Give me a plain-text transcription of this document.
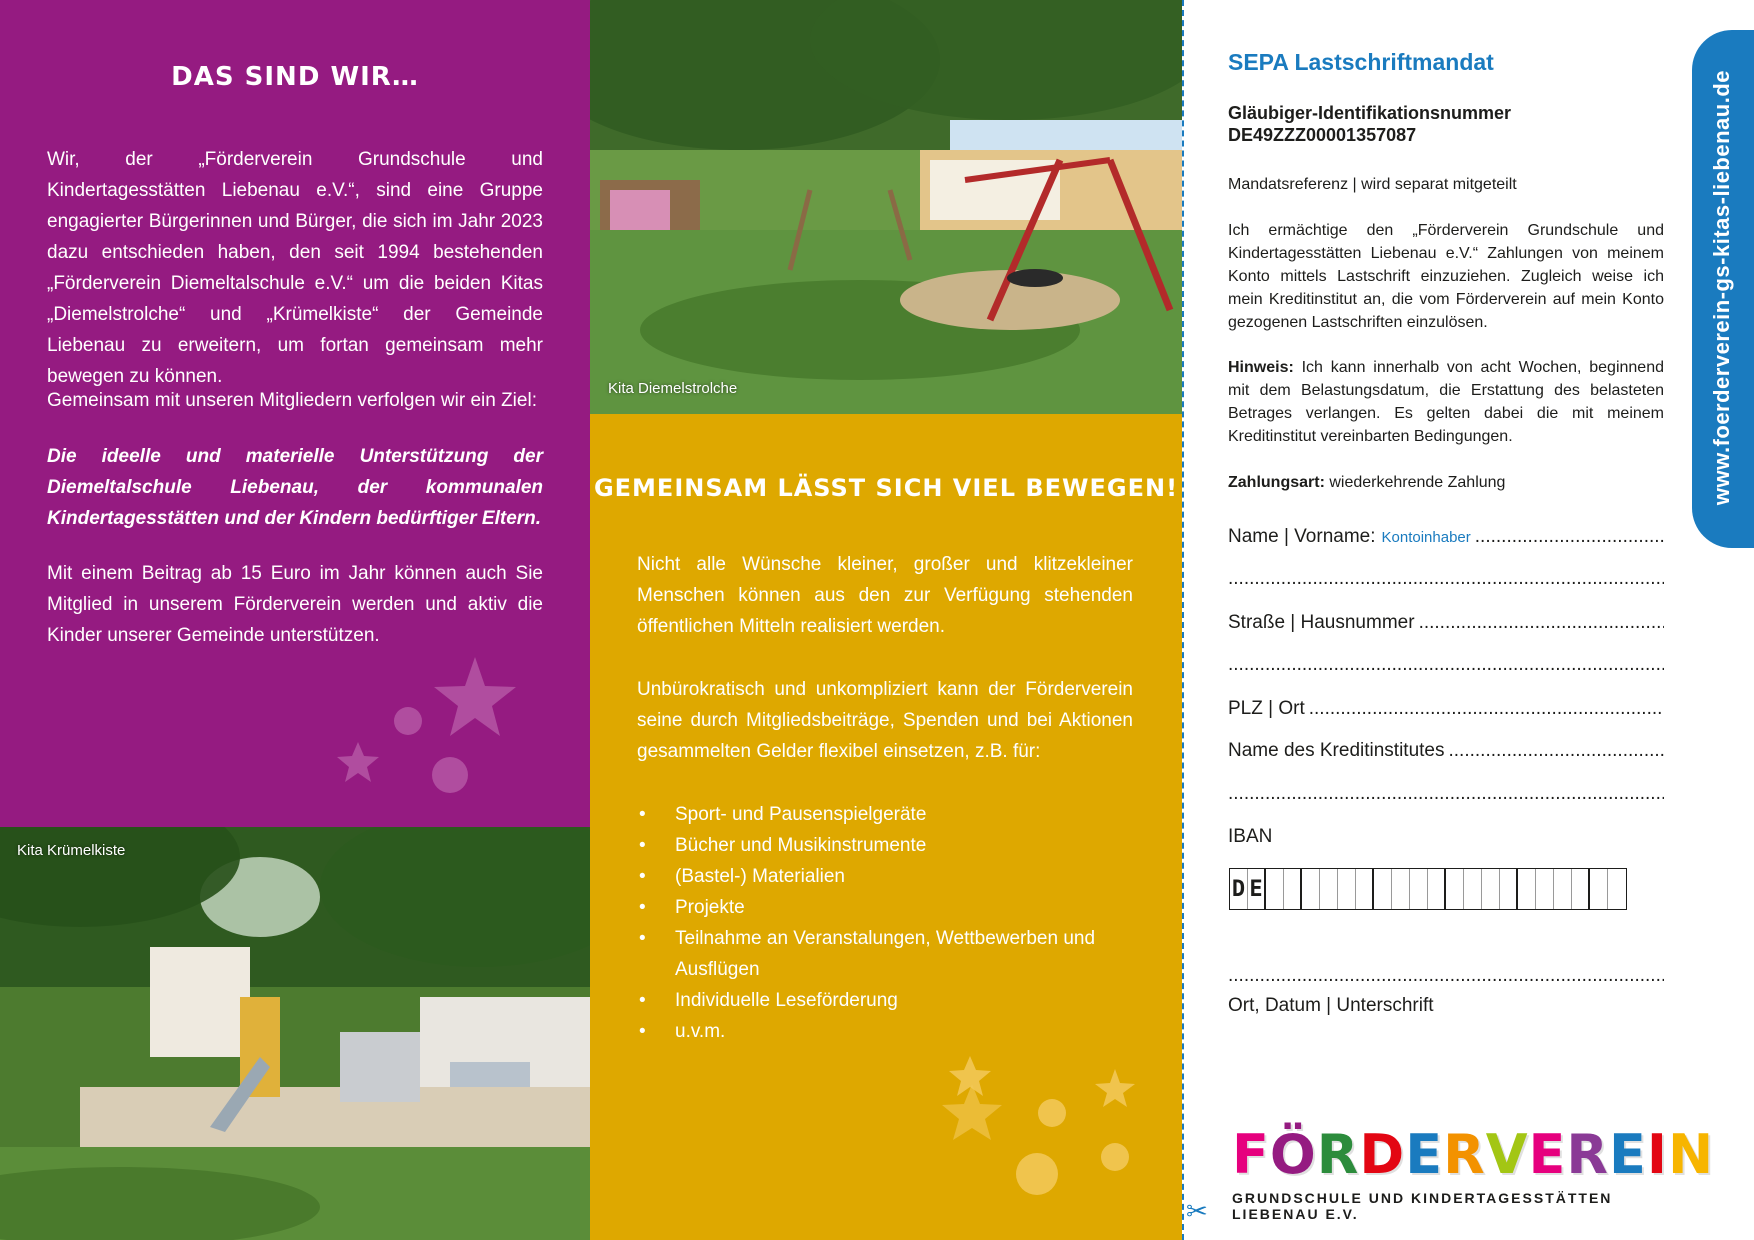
DAS SIND WIR…
Wir, der „Förderverein Grundschule und Kindertagesstätten Liebenau e.V.“, sind eine Gruppe engagierter Bürgerinnen und Bürger, die sich im Jahr 2023 dazu entschieden haben, den seit 1994 bestehenden „Förderverein Diemeltalschule e.V.“ um die beiden Kitas „Diemelstrolche“ und „Krümelkiste“ der Gemeinde Liebenau zu erweitern, um fortan gemeinsam mehr bewegen zu können.
Gemeinsam mit unseren Mitgliedern verfolgen wir ein Ziel:
Die ideelle und materielle Unterstützung der Diemeltalschule Liebenau, der kommunalen Kindertagesstätten und der Kindern bedürftiger Eltern.
Mit einem Beitrag ab 15 Euro im Jahr können auch Sie Mitglied in unserem Förderverein werden und aktiv die Kinder unserer Gemeinde unterstützen.
Kita Diemelstrolche
Kita Krümelkiste
GEMEINSAM LÄSST SICH VIEL BEWEGEN!
Nicht alle Wünsche kleiner, großer und klitzekleiner Menschen können aus den zur Verfügung stehenden öffentlichen Mitteln realisiert werden.
Unbürokratisch und unkompliziert kann der Förderverein seine durch Mitgliedsbeiträge, Spenden und bei Aktionen gesammelten Gelder flexibel einsetzen, z.B. für:
• Sport- und Pausenspielgeräte
• Bücher und Musikinstrumente
• (Bastel-) Materialien
• Projekte
• Teilnahme an Veranstalungen, Wettbewerben und Ausflügen
• Individuelle Leseförderung
• u.v.m.
✂
SEPA Lastschriftmandat
Gläubiger-Identifikationsnummer
DE49ZZZ00001357087
Mandatsreferenz | wird separat mitgeteilt
Ich ermächtige den „Förderverein Grundschule und Kindertagesstätten Liebenau e.V.“ Zahlungen von meinem Konto mittels Lastschrift einzuziehen. Zugleich weise ich mein Kreditinstitut an, die vom Förderverein auf mein Konto gezogenen Lastschriften einzulösen.
Hinweis: Ich kann innerhalb von acht Wochen, beginnend mit dem Belastungsdatum, die Erstattung des belasteten Betrages verlangen. Es gelten dabei die mit meinem Kreditinstitut vereinbarten Bedingungen.
Zahlungsart: wiederkehrende Zahlung
Name | Vorname: Kontoinhaber
.....
.....
Straße | Hausnummer
.....
.....
PLZ | Ort
.....
Name des Kreditinstitutes
.....
.....
IBAN
D E
.....
Ort, Datum | Unterschrift
F Ö R D E R V E R E I N
GRUNDSCHULE UND KINDERTAGESSTÄTTEN LIEBENAU E.V.
www.foerderverein-gs-kitas-liebenau.de
